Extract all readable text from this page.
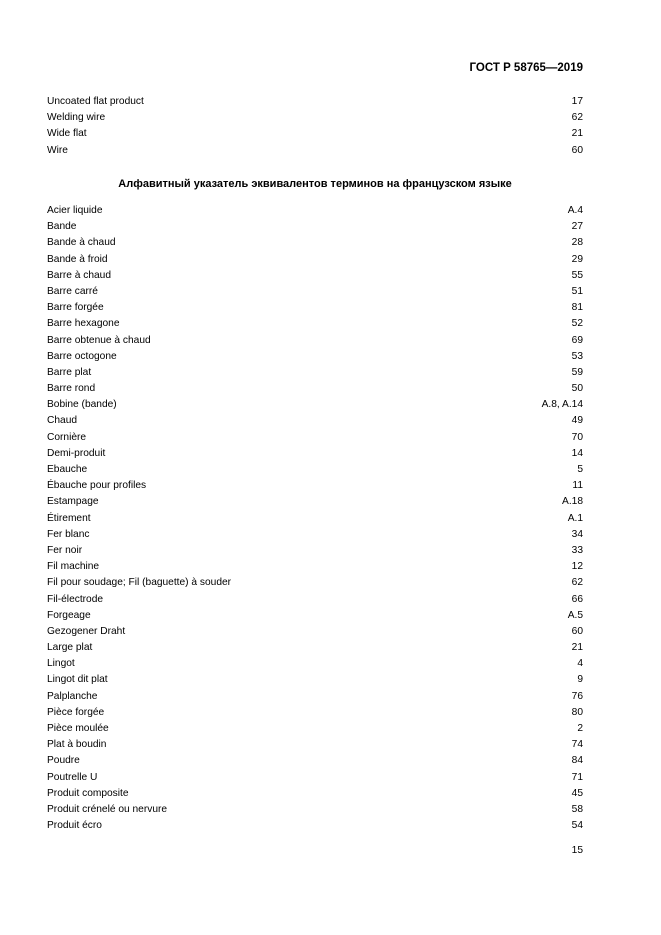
ГОСТ Р 58765—2019
Uncoated flat product	17
Welding wire	62
Wide flat	21
Wire	60
Алфавитный указатель эквивалентов терминов на французском языке
Acier liquide	A.4
Bande	27
Bande à chaud	28
Bande à froid	29
Barre à chaud	55
Barre carré	51
Barre forgée	81
Barre hexagone	52
Barre obtenue à chaud	69
Barre octogone	53
Barre plat	59
Barre rond	50
Bobine (bande)	A.8, A.14
Chaud	49
Cornière	70
Demi-produit	14
Ebauche	5
Ébauche pour profiles	11
Estampage	A.18
Étirement	A.1
Fer blanc	34
Fer noir	33
Fil machine	12
Fil pour soudage; Fil (baguette) à souder	62
Fil-électrode	66
Forgeage	A.5
Gezogener Draht	60
Large plat	21
Lingot	4
Lingot dit plat	9
Palplanche	76
Pièce forgée	80
Pièce moulée	2
Plat à boudin	74
Poudre	84
Poutrelle U	71
Produit composite	45
Produit crénelé ou nervure	58
Produit écro	54
15
